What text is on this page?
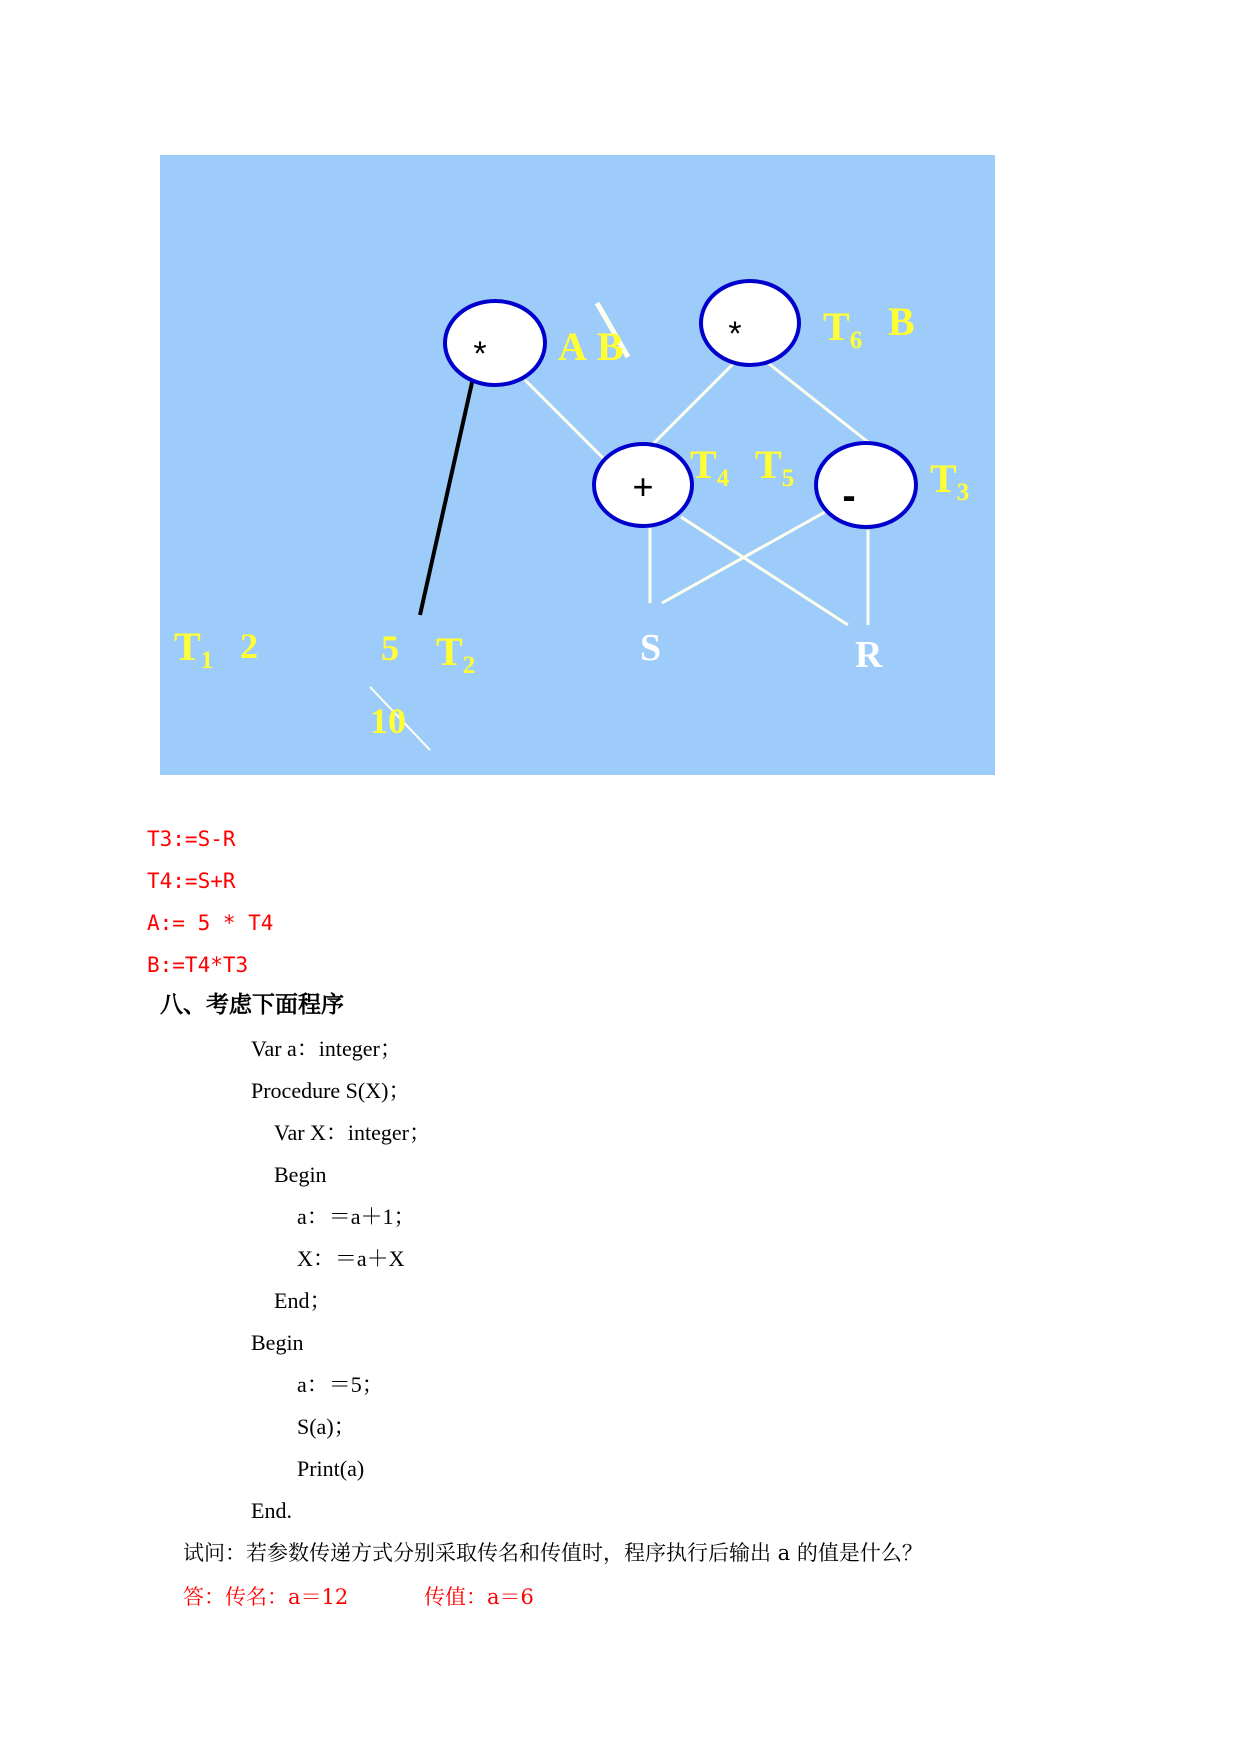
*
*
+	-
A B	$T_6$ B
$T_4$ $T_5$	$T_3$
$T_1$ 2	5 $T_2$
10
S	R
T3:=S-R
T4:=S+R
A:= 5 * T4
B:=T4*T3
八、考虑下面程序
Var a：integer；
Procedure S(X)；
Var X：integer；
Begin
a：＝a＋1；
X：＝a＋X
End；
Begin
a：＝5；
S(a)；
Print(a)
End.
试问：若参数传递方式分别采取传名和传值时，程序执行后输出 a 的值是什么？
答：传名：a＝12	传值：a＝6
